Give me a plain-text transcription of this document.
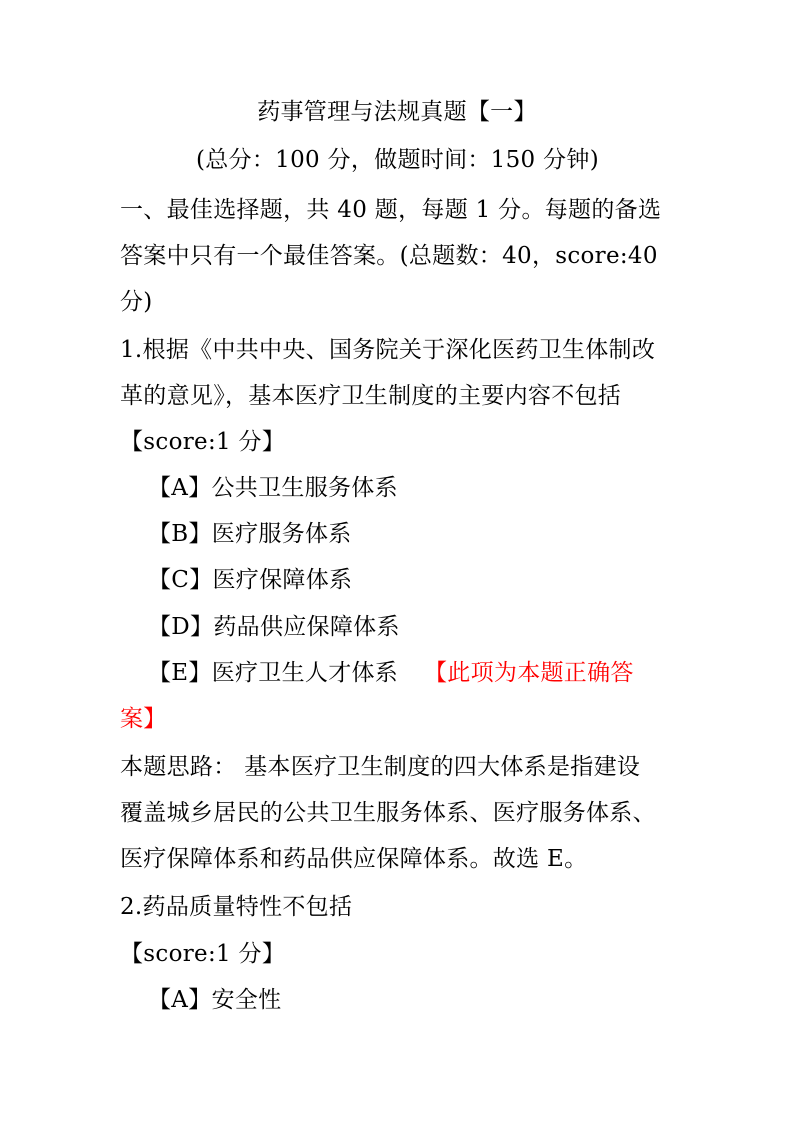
药事管理与法规真题【一】
(总分：100 分，做题时间：150 分钟)
一、最佳选择题，共 40 题，每题 1 分。每题的备选
答案中只有一个最佳答案。(总题数：40，score:40
分)
1.根据《中共中央、国务院关于深化医药卫生体制改
革的意见》，基本医疗卫生制度的主要内容不包括
【score:1 分】
【A】公共卫生服务体系
【B】医疗服务体系
【C】医疗保障体系
【D】药品供应保障体系
【E】医疗卫生人才体系 【此项为本题正确答
案】
本题思路： 基本医疗卫生制度的四大体系是指建设
覆盖城乡居民的公共卫生服务体系、医疗服务体系、
医疗保障体系和药品供应保障体系。故选 E。
2.药品质量特性不包括
【score:1 分】
【A】安全性
